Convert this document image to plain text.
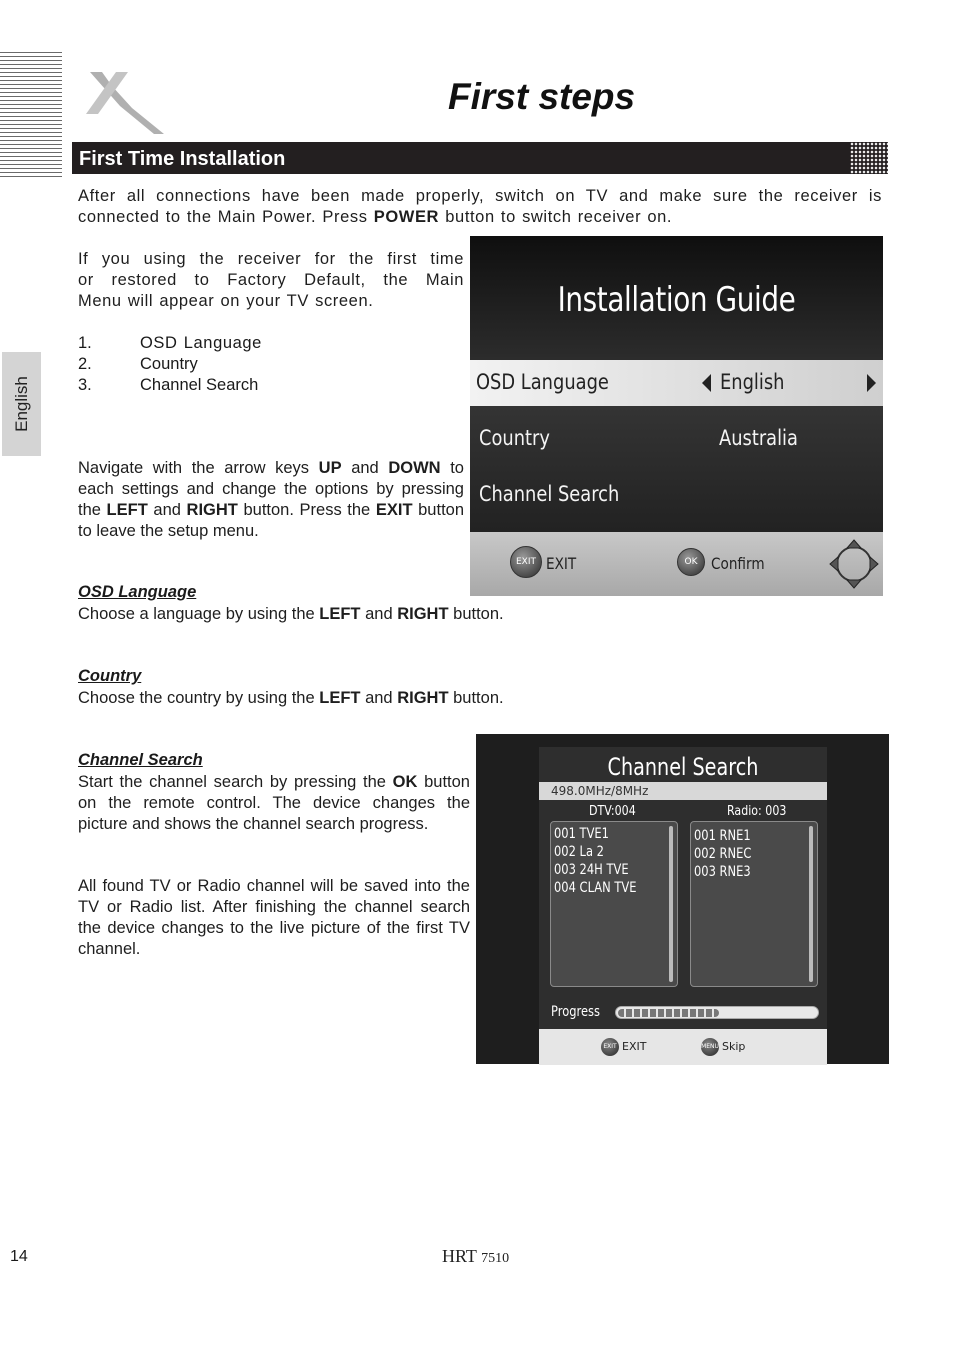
First steps
First Time Installation
English
After all connections have been made properly, switch on TV and make sure the receiver is
connected to the Main Power. Press POWER button to switch receiver on.
If you using the receiver for the first time
or restored to Factory Default, the Main
Menu will appear on your TV screen.
1.	OSD Language
2.	Country
3.	Channel Search
Navigate with the arrow keys UP and DOWN to each settings and change the options by pressing the LEFT and RIGHT button. Press the EXIT button to leave the setup menu.
OSD Language
Choose a language by using the LEFT and RIGHT button.
Country
Choose the country by using the LEFT and RIGHT button.
Channel Search
Start the channel search by pressing the OK button on the remote control. The device changes the picture and shows the channel search progress.
All found TV or Radio channel will be saved into the TV or Radio list. After finishing the channel search the device changes to the live picture of the first TV channel.
Installation Guide
OSD Language	English
Country	Australia
Channel Search
EXIT EXIT	OK Confirm
Channel Search
498.0MHz/8MHz
DTV:004	Radio: 003
001 TVE1
002 La 2
003 24H TVE
004 CLAN TVE
001 RNE1
002 RNEC
003 RNE3
Progress
EXIT EXIT	MENU Skip
14	HRT 7510
